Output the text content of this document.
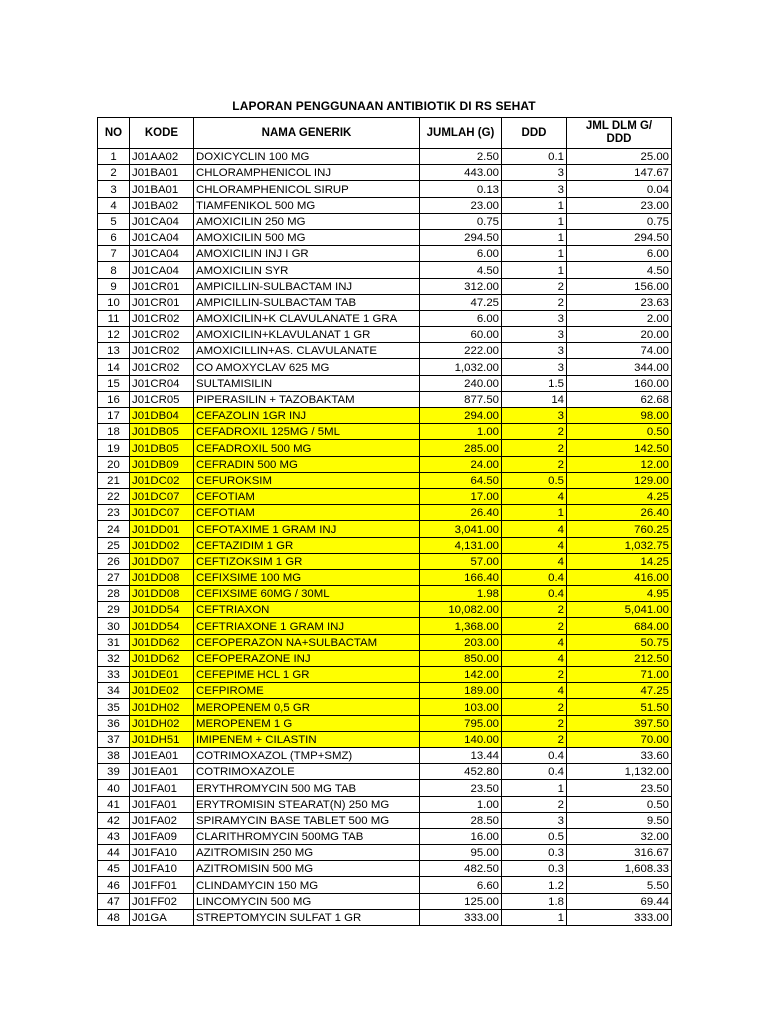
LAPORAN PENGGUNAAN ANTIBIOTIK DI RS SEHAT
NO	KODE	NAMA GENERIK	JUMLAH (G)	DDD	JML DLM G/
DDD

1	J01AA02	DOXICYCLIN 100 MG	2.50	0.1	25.00
2	J01BA01	CHLORAMPHENICOL INJ	443.00	3	147.67
3	J01BA01	CHLORAMPHENICOL SIRUP	0.13	3	0.04
4	J01BA02	TIAMFENIKOL 500 MG	23.00	1	23.00
5	J01CA04	AMOXICILIN 250 MG	0.75	1	0.75
6	J01CA04	AMOXICILIN 500 MG	294.50	1	294.50
7	J01CA04	AMOXICILIN INJ I GR	6.00	1	6.00
8	J01CA04	AMOXICILIN SYR	4.50	1	4.50
9	J01CR01	AMPICILLIN-SULBACTAM INJ	312.00	2	156.00
10	J01CR01	AMPICILLIN-SULBACTAM TAB	47.25	2	23.63
11	J01CR02	AMOXICILIN+K CLAVULANATE 1 GRA	6.00	3	2.00
12	J01CR02	AMOXICILIN+KLAVULANAT 1 GR	60.00	3	20.00
13	J01CR02	AMOXICILLIN+AS. CLAVULANATE	222.00	3	74.00
14	J01CR02	CO AMOXYCLAV 625 MG	1,032.00	3	344.00
15	J01CR04	SULTAMISILIN	240.00	1.5	160.00
16	J01CR05	PIPERASILIN + TAZOBAKTAM	877.50	14	62.68
17	J01DB04	CEFAZOLIN 1GR INJ	294.00	3	98.00
18	J01DB05	CEFADROXIL 125MG / 5ML	1.00	2	0.50
19	J01DB05	CEFADROXIL 500 MG	285.00	2	142.50
20	J01DB09	CEFRADIN 500 MG	24.00	2	12.00
21	J01DC02	CEFUROKSIM	64.50	0.5	129.00
22	J01DC07	CEFOTIAM	17.00	4	4.25
23	J01DC07	CEFOTIAM	26.40	1	26.40
24	J01DD01	CEFOTAXIME 1 GRAM INJ	3,041.00	4	760.25
25	J01DD02	CEFTAZIDIM 1 GR	4,131.00	4	1,032.75
26	J01DD07	CEFTIZOKSIM 1 GR	57.00	4	14.25
27	J01DD08	CEFIXSIME 100 MG	166.40	0.4	416.00
28	J01DD08	CEFIXSIME 60MG / 30ML	1.98	0.4	4.95
29	J01DD54	CEFTRIAXON	10,082.00	2	5,041.00
30	J01DD54	CEFTRIAXONE 1 GRAM INJ	1,368.00	2	684.00
31	J01DD62	CEFOPERAZON NA+SULBACTAM	203.00	4	50.75
32	J01DD62	CEFOPERAZONE INJ	850.00	4	212.50
33	J01DE01	CEFEPIME HCL 1 GR	142.00	2	71.00
34	J01DE02	CEFPIROME	189.00	4	47.25
35	J01DH02	MEROPENEM 0,5 GR	103.00	2	51.50
36	J01DH02	MEROPENEM 1 G	795.00	2	397.50
37	J01DH51	IMIPENEM + CILASTIN	140.00	2	70.00
38	J01EA01	COTRIMOXAZOL (TMP+SMZ)	13.44	0.4	33.60
39	J01EA01	COTRIMOXAZOLE	452.80	0.4	1,132.00
40	J01FA01	ERYTHROMYCIN 500 MG TAB	23.50	1	23.50
41	J01FA01	ERYTROMISIN STEARAT(N) 250 MG	1.00	2	0.50
42	J01FA02	SPIRAMYCIN BASE TABLET 500 MG	28.50	3	9.50
43	J01FA09	CLARITHROMYCIN 500MG TAB	16.00	0.5	32.00
44	J01FA10	AZITROMISIN 250 MG	95.00	0.3	316.67
45	J01FA10	AZITROMISIN 500 MG	482.50	0.3	1,608.33
46	J01FF01	CLINDAMYCIN 150 MG	6.60	1.2	5.50
47	J01FF02	LINCOMYCIN 500 MG	125.00	1.8	69.44
48	J01GA	STREPTOMYCIN SULFAT 1 GR	333.00	1	333.00
